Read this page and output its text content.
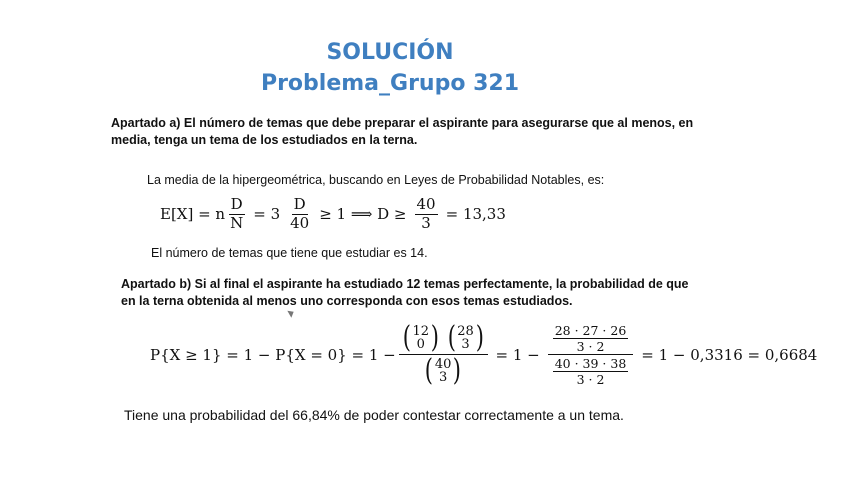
SOLUCIÓN
Problema_Grupo 321
Apartado a) El número de temas que debe preparar el aspirante para asegurarse que al menos, en media, tenga un tema de los estudiados en la terna.
La media de la hipergeométrica, buscando en Leyes de Probabilidad Notables, es:
E[X] = n $\frac{D}{N} = 3 \frac{D}{40} \ge 1$ ⟹ $D \ge \frac{40}{3} = 13,33$
El número de temas que tiene que estudiar es 14.
Apartado b) Si al final el aspirante ha estudiado 12 temas perfectamente, la probabilidad de que en la terna obtenida al menos uno corresponda con esos temas estudiados.
P{X ≥ 1} = 1 − P{X = 0} = 1 − ( 12
0 )
( 28
3 )
( 40
3 ) = $1 - \frac{\frac{28 \cdot 27 \cdot 26}{3 \cdot 2}}{\frac{40 \cdot 39 \cdot 38}{3 \cdot 2}} = 1 - 0,3316 = 0,6684$
Tiene una probabilidad del 66,84% de poder contestar correctamente a un tema.
